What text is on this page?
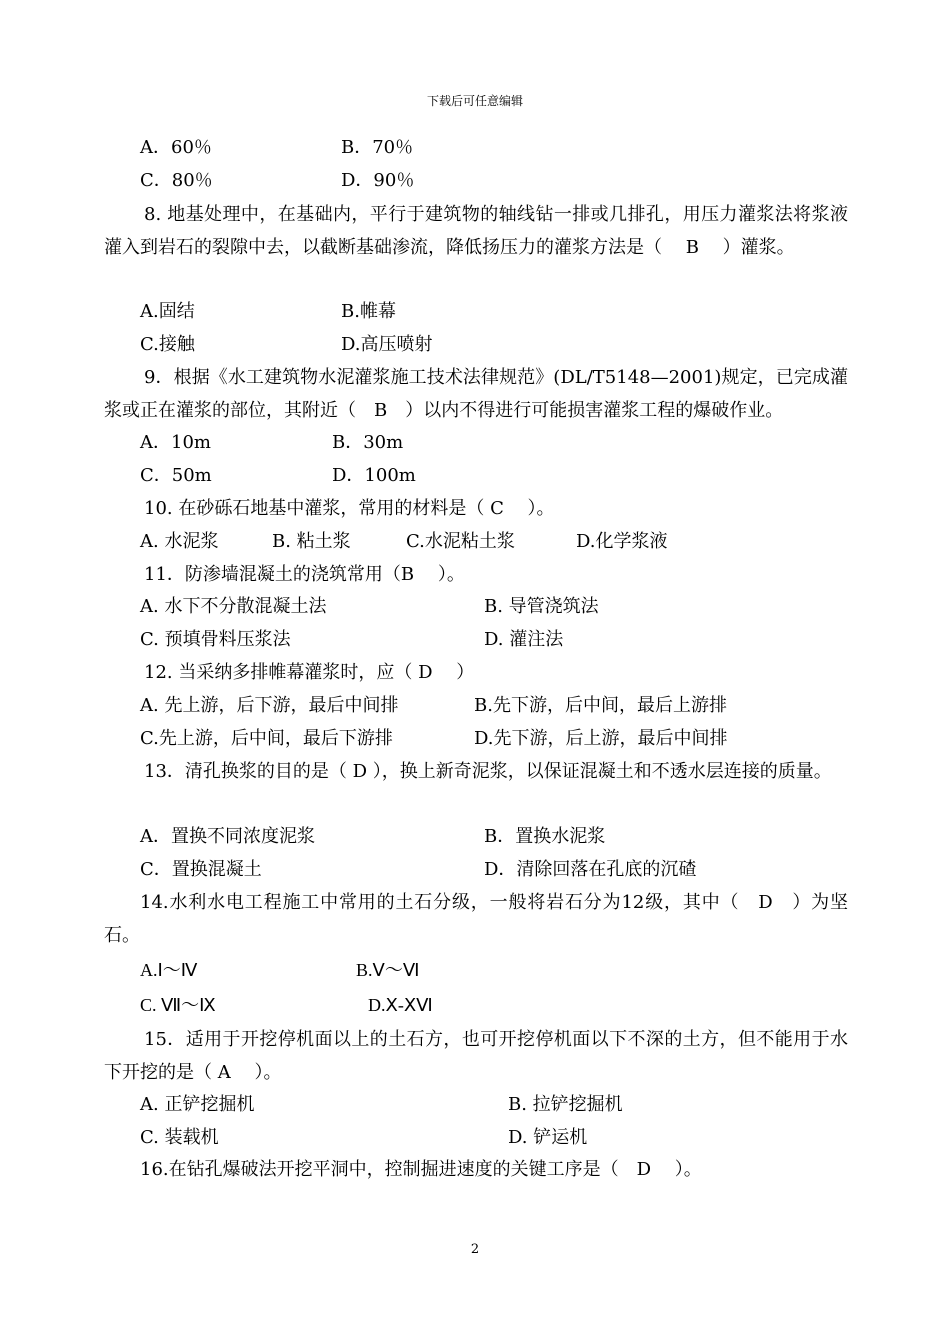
下载后可任意编辑
A．60％	B．70％
C．80％	D．90％
8. 地基处理中，在基础内，平行于建筑物的轴线钻一排或几排孔，用压力灌浆法将浆液灌入到岩石的裂隙中去，以截断基础渗流，降低扬压力的灌浆方法是（　 B　 ）灌浆。
A.固结	B.帷幕
C.接触	D.高压喷射
9．根据《水工建筑物水泥灌浆施工技术法律规范》(DL/T5148—2001)规定，已完成灌浆或正在灌浆的部位，其附近（　B　）以内不得进行可能损害灌浆工程的爆破作业。
A．10m	B．30m
C．50m	D．100m
10. 在砂砾石地基中灌浆，常用的材料是（ C　 ）。
A. 水泥浆	B. 粘土浆	C.水泥粘土浆	D.化学浆液
11．防渗墙混凝土的浇筑常用（B　 ）。
A. 水下不分散混凝土法	B. 导管浇筑法
C. 预填骨料压浆法	D. 灌注法
12. 当采纳多排帷幕灌浆时，应（ D　 ）
A. 先上游，后下游，最后中间排	B.先下游，后中间，最后上游排
C.先上游，后中间，最后下游排	D.先下游，后上游，最后中间排
13．清孔换浆的目的是（ D ），换上新奇泥浆，以保证混凝土和不透水层连接的质量。
A．置换不同浓度泥浆	B．置换水泥浆
C．置换混凝土	D．清除回落在孔底的沉碴
14.水利水电工程施工中常用的土石分级，一般将岩石分为12级，其中（　D　）为坚石。
A.Ⅰ～Ⅳ	B.Ⅴ～Ⅵ
C. Ⅶ～Ⅸ	D.Ⅹ-ⅩⅥ
15．适用于开挖停机面以上的土石方，也可开挖停机面以下不深的土方，但不能用于水下开挖的是（ A　 ）。
A. 正铲挖掘机	B. 拉铲挖掘机
C. 装载机	D. 铲运机
16.在钻孔爆破法开挖平洞中，控制掘进速度的关键工序是（　D　 ）。
2
